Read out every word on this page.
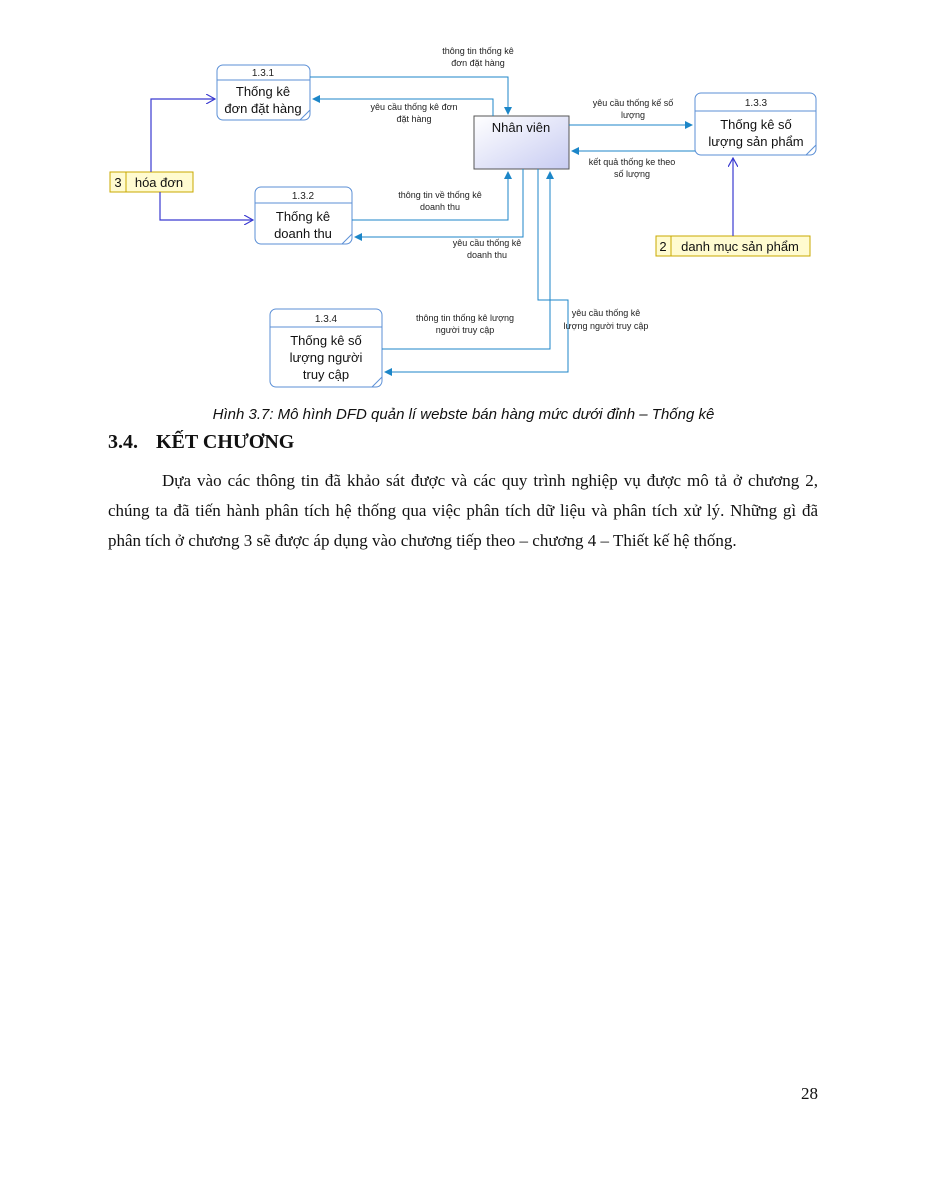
1.3.1
Thống kê
đơn đặt hàng
1.3.2
Thống kê
doanh thu
1.3.3
Thống kê số
lượng sản phẩm
1.3.4
Thống kê số
lượng người
truy cập
Nhân viên
3 hóa đơn
2 danh mục sản phẩm
thông tin thống kê
đơn đặt hàng
yêu cầu thống kê đơn
đặt hàng
yêu cầu thống kế số
lượng
kết quả thống ke theo
số lượng
thông tin về thống kê
doanh thu
yêu cầu thống kê
doanh thu
thông tin thống kê lượng
người truy cập
yêu cầu thống kê
lượng người truy cập
Hình 3.7: Mô hình DFD quản lí webste bán hàng mức dưới đỉnh – Thống kê
3.4. KẾT CHƯƠNG

Dựa vào các thông tin đã khảo sát được và các quy trình nghiệp vụ được mô tả ở chương 2, chúng ta đã tiến hành phân tích hệ thống qua việc phân tích dữ liệu và phân tích xử lý. Những gì đã phân tích ở chương 3 sẽ được áp dụng vào chương tiếp theo – chương 4 – Thiết kế hệ thống.

28
